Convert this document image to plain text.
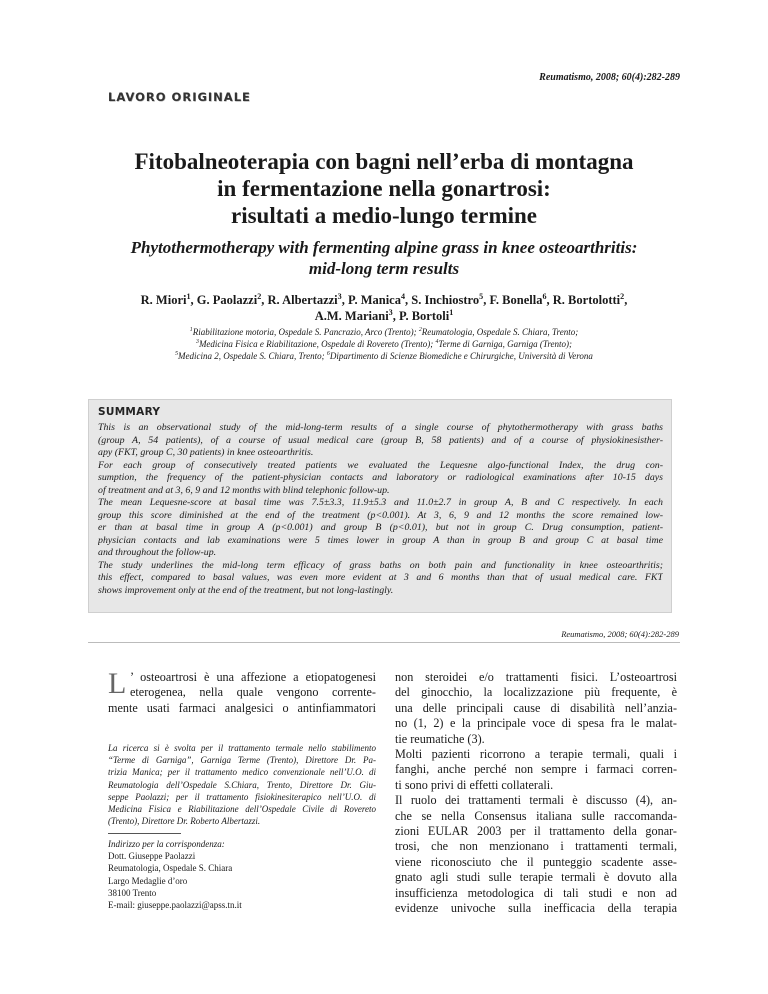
Reumatismo, 2008; 60(4):282-289
LAVORO ORIGINALE
Fitobalneoterapia con bagni nell’erba di montagna
in fermentazione nella gonartrosi:
risultati a medio-lungo termine
Phytothermotherapy with fermenting alpine grass in knee osteoarthritis:
mid-long term results
R. Miori$^1$, G. Paolazzi$^2$, R. Albertazzi$^3$, P. Manica$^4$, S. Inchiostro$^5$, F. Bonella$^6$, R. Bortolotti$^2$,
A.M. Mariani$^3$, P. Bortoli$^1$
$^1$Riabilitazione motoria, Ospedale S. Pancrazio, Arco (Trento); $^2$Reumatologia, Ospedale S. Chiara, Trento;
$^3$Medicina Fisica e Riabilitazione, Ospedale di Rovereto (Trento); $^4$Terme di Garniga, Garniga (Trento);
$^5$Medicina 2, Ospedale S. Chiara, Trento; $^6$Dipartimento di Scienze Biomediche e Chirurgiche, Università di Verona
SUMMARY
This is an observational study of the mid-long-term results of a single course of phytothermotherapy with grass baths
(group A, 54 patients), of a course of usual medical care (group B, 58 patients) and of a course of physiokinesisther-
apy (FKT, group C, 30 patients) in knee osteoarthritis.
For each group of consecutively treated patients we evaluated the Lequesne algo-functional Index, the drug con-
sumption, the frequency of the patient-physician contacts and laboratory or radiological examinations after 10-15 days
of treatment and at 3, 6, 9 and 12 months with blind telephonic follow-up.
The mean Lequesne-score at basal time was 7.5±3.3, 11.9±5.3 and 11.0±2.7 in group A, B and C respectively. In each
group this score diminished at the end of the treatment (p<0.001). At 3, 6, 9 and 12 months the score remained low-
er than at basal time in group A (p<0.001) and group B (p<0.01), but not in group C. Drug consumption, patient-
physician contacts and lab examinations were 5 times lower in group A than in group B and group C at basal time
and throughout the follow-up.
The study underlines the mid-long term efficacy of grass baths on both pain and functionality in knee osteoarthritis;
this effect, compared to basal values, was even more evident at 3 and 6 months than that of usual medical care. FKT
shows improvement only at the end of the treatment, but not long-lastingly.
Reumatismo, 2008; 60(4):282-289
L ’ osteoartrosi è una affezione a etiopatogenesi
eterogenea, nella quale vengono corrente-
mente usati farmaci analgesici o antinfiammatori
La ricerca si è svolta per il trattamento termale nello stabilimento
“Terme di Garniga”, Garniga Terme (Trento), Direttore Dr. Pa-
trizia Manica; per il trattamento medico convenzionale nell’U.O. di
Reumatologia dell’Ospedale S.Chiara, Trento, Direttore Dr. Giu-
seppe Paolazzi; per il trattamento fisiokinesiterapico nell’U.O. di
Medicina Fisica e Riabilitazione dell’Ospedale Civile di Rovereto
(Trento), Direttore Dr. Roberto Albertazzi.
Indirizzo per la corrispondenza:
Dott. Giuseppe Paolazzi
Reumatologia, Ospedale S. Chiara
Largo Medaglie d’oro
38100 Trento
E-mail: giuseppe.paolazzi@apss.tn.it
non steroidei e/o trattamenti fisici. L’osteoartrosi
del ginocchio, la localizzazione più frequente, è
una delle principali cause di disabilità nell’anzia-
no (1, 2) e la principale voce di spesa fra le malat-
tie reumatiche (3).
Molti pazienti ricorrono a terapie termali, quali i
fanghi, anche perché non sempre i farmaci corren-
ti sono privi di effetti collaterali.
Il ruolo dei trattamenti termali è discusso (4), an-
che se nella Consensus italiana sulle raccomanda-
zioni EULAR 2003 per il trattamento della gonar-
trosi, che non menzionano i trattamenti termali,
viene riconosciuto che il punteggio scadente asse-
gnato agli studi sulle terapie termali è dovuto alla
insufficienza metodologica di tali studi e non ad
evidenze univoche sulla inefficacia della terapia
